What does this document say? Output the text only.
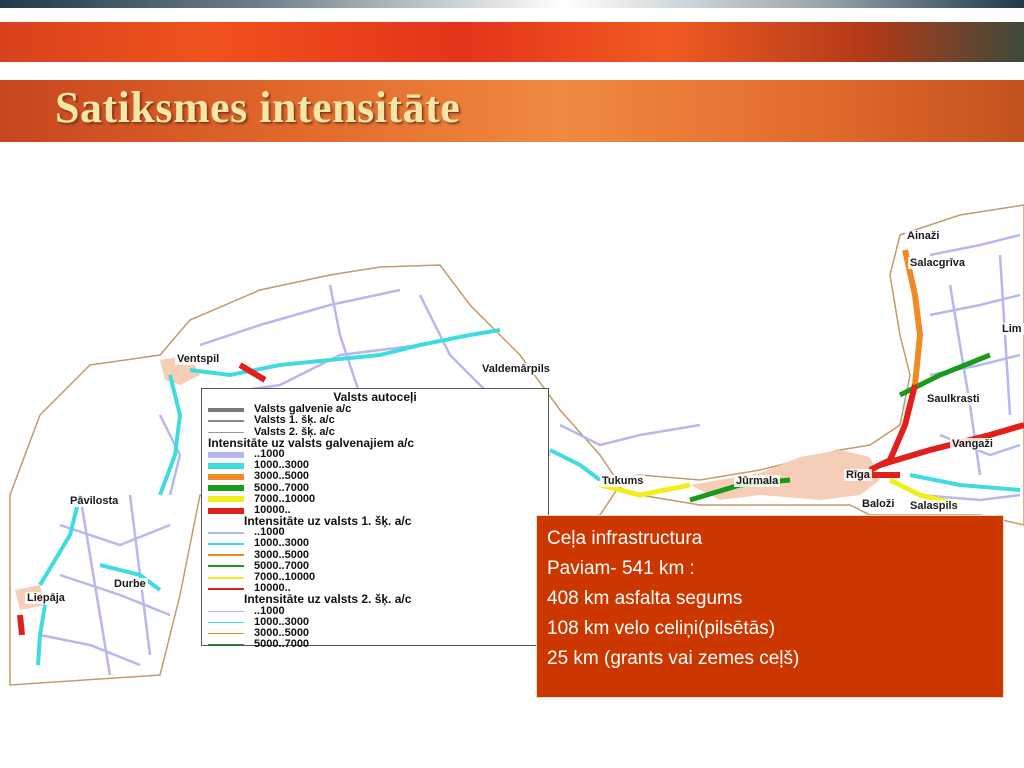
Satiksmes intensitāte
Ainaži
Salacgrīva
Ventspil
Valdemārpils
Saulkrasti
Vangaži
Rīga
Jūrmala
Tukums
Pāvilosta
Durbe
Liepāja
Baloži Salaspils
Lim
Valsts autoceļi
Valsts galvenie a/c
Valsts 1. šķ. a/c
Valsts 2. šķ. a/c
Intensitāte uz valsts galvenajiem a/c
..1000
1000..3000
3000..5000
5000..7000
7000..10000
10000..
Intensitāte uz valsts 1. šķ. a/c
..1000
1000..3000
3000..5000
5000..7000
7000..10000
10000..
Intensitāte uz valsts 2. šķ. a/c
..1000
1000..3000
3000..5000
5000..7000
Ceļa infrastructura
Paviam- 541 km :
408 km asfalta segums
108 km velo celiņi(pilsētās)
25 km (grants vai zemes ceļš)
